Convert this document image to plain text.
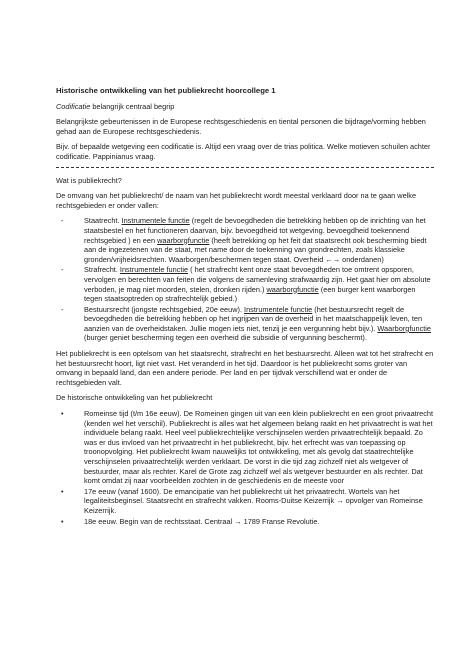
Historische ontwikkeling van het publiekrecht hoorcollege 1
Codificatie belangrijk centraal begrip
Belangrijkste gebeurtenissen in de Europese rechtsgeschiedenis en tiental personen die bijdrage/vorming hebben gehad aan de Europese rechtsgeschiedenis.
Bijv. of bepaalde wetgeving een codificatie is. Altijd een vraag over de trias politica. Welke motieven schuilen achter codificatie. Pappinianus vraag.
Wat is publiekrecht?
De omvang van het publiekrecht/ de naam van het publiekrecht wordt meestal verklaard door na te gaan welke rechtsgebieden er onder vallen:
- Staatrecht. Instrumentele functie (regelt de bevoegdheden die betrekking hebben op de inrichting van het staatsbestel en het functioneren daarvan, bijv. bevoegdheid tot wetgeving. bevoegdheid toekennend rechtsgebied ) en een waarborgfunctie (heeft betrekking op het feit dat staatsrecht ook bescherming biedt aan de ingezetenen van de staat, met name door de toekenning van grondrechten, zoals klassieke gronden/vrijheidsrechten. Waarborgen/beschermen tegen staat. Overheid ←→ onderdanen)
- Strafrecht. Instrumentele functie ( het strafrecht kent onze staat bevoegdheden toe omtrent opsporen, vervolgen en berechten van feiten die volgens de samenleving strafwaardig zijn. Het gaat hier om absolute verboden, je mag niet moorden, stelen, dronken rijden.) waarborgfunctie (een burger kent waarborgen tegen staatsoptreden op strafrechtelijk gebied.)
- Bestuursrecht (jongste rechtsgebied, 20e eeuw). Instrumentele functie (het bestuursrecht regelt de bevoegdheden die betrekking hebben op het ingrijpen van de overheid in het maatschappelijk leven, ten aanzien van de overheidstaken. Jullie mogen iets niet, tenzij je een vergunning hebt bijv.). Waarborgfunctie (burger geniet bescherming tegen een overheid die subsidie of vergunning beschermt).
Het publiekrecht is een optelsom van het staatsrecht, strafrecht en het bestuursrecht. Alleen wat tot het strafrecht en het bestuursrecht hoort, ligt niet vast. Het veranderd in het tijd. Daardoor is het publiekrecht soms groter van omvang in bepaald land, dan een andere periode. Per land en per tijdvak verschillend wat er onder de rechtsgebieden valt.
De historische ontwikkeling van het publiekrecht
• Romeinse tijd (t/m 16e eeuw). De Romeinen gingen uit van een klein publiekrecht en een groot privaatrecht (kenden wel het verschil). Publiekrecht is alles wat het algemeen belang raakt en het privaatrecht is wat het individuele belang raakt. Heel veel publiekrechtelijke verschijnselen werden privaatrechtelijk bepaald. Zo was er dus invloed van het privaatrecht in het publiekrecht, bijv. het erfrecht was van toepassing op troonopvolging. Het publiekrecht kwam nauwelijks tot ontwikkeling, met als gevolg dat staatrechtelijke verschijnselen privaatrechtelijk werden verklaart. De vorst in die tijd zag zichzelf niet als wetgever of bestuurder, maar als rechter. Karel de Grote zag zichzelf wel als wetgever bestuurder en als rechter. Dat komt omdat zij naar voorbeelden zochten in de geschiedenis en de meeste voor
• 17e eeuw (vanaf 1600). De emancipatie van het publiekrecht uit het privaatrecht. Wortels van het legaliteitsbeginsel. Staatsrecht en strafrecht vakken. Rooms-Duitse Keizerrijk → opvolger van Romeinse Keizerrijk.
• 18e eeuw. Begin van de rechtsstaat. Centraal → 1789 Franse Revolutie.
